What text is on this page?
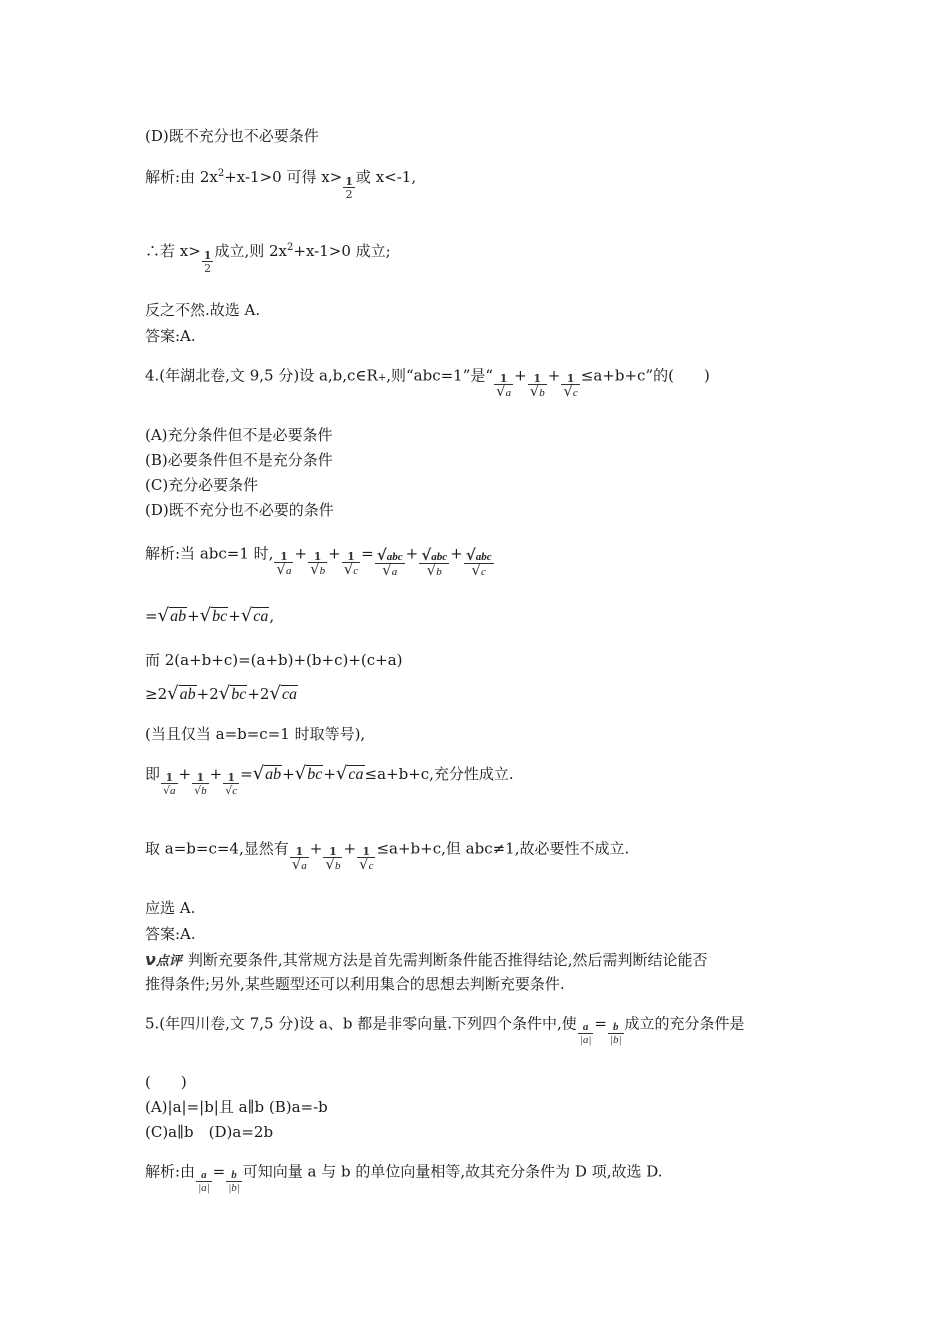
(D)既不充分也不必要条件
解析:由 $2x^2+x-1>0$ 可得 $x> \frac{1}{2}$ 或 x<-1,
∴若 $x> \frac{1}{2}$ 成立,则 $2x^2+x-1>0$ 成立;
反之不然.故选 A.
答案:A.
4.(年湖北卷,文 9,5 分)设 a,b,c∈R+,则“abc=1”是“ $\frac{1}{√a} + \frac{1}{√b} + \frac{1}{√c} \le a+b+c$”的(　　)
(A)充分条件但不是必要条件
(B)必要条件但不是充分条件
(C)充分必要条件
(D)既不充分也不必要的条件
解析:当 abc=1 时, $\frac{1}{√a} + \frac{1}{√b} + \frac{1}{√c} = \frac{\text{√abc}}{√a} + \frac{\text{√abc}}{√b} + \frac{\text{√abc}}{√c}$
=√ab+√bc+√ca,
而 2(a+b+c)=(a+b)+(b+c)+(c+a)
≥2√ab+2√bc+2√ca
(当且仅当 a=b=c=1 时取等号),
即 $\frac{1}{√a} + \frac{1}{√b} + \frac{1}{√c} =√ab+√bc+√ca\le a+b+c$,充分性成立.
取 a=b=c=4,显然有 $\frac{1}{√a} + \frac{1}{√b} + \frac{1}{√c} \le a+b+c$,但 abc≠1,故必要性不成立.
应选 A.
答案:A.
ν点评 判断充要条件,其常规方法是首先需判断条件能否推得结论,然后需判断结论能否
推得条件;另外,某些题型还可以利用集合的思想去判断充要条件.
5.(年四川卷,文 7,5 分)设 a、b 都是非零向量.下列四个条件中,使 $\frac{a}{|a|} = \frac{b}{|b|}$ 成立的充分条件是
(　　)
(A)|a|=|b|且 a∥b (B)a=-b
(C)a∥b　(D)a=2b
解析:由 $\frac{a}{|a|} = \frac{b}{|b|}$ 可知向量 a 与 b 的单位向量相等,故其充分条件为 D 项,故选 D.
